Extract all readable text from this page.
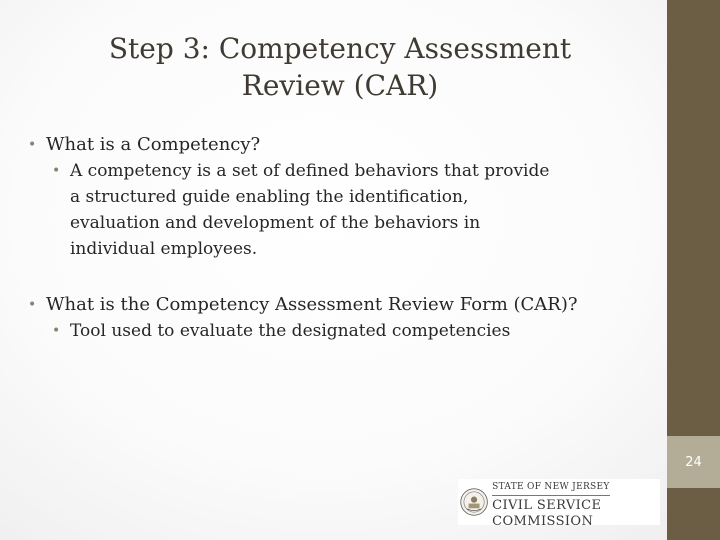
24
Step 3: Competency Assessment
Review (CAR)
• What is a Competency?
• A competency is a set of defined behaviors that provide
a structured guide enabling the identification,
evaluation and development of the behaviors in
individual employees.
• What is the Competency Assessment Review Form (CAR)?
• Tool used to evaluate the designated competencies
STATE OF NEW JERSEY
CIVIL SERVICE COMMISSION
